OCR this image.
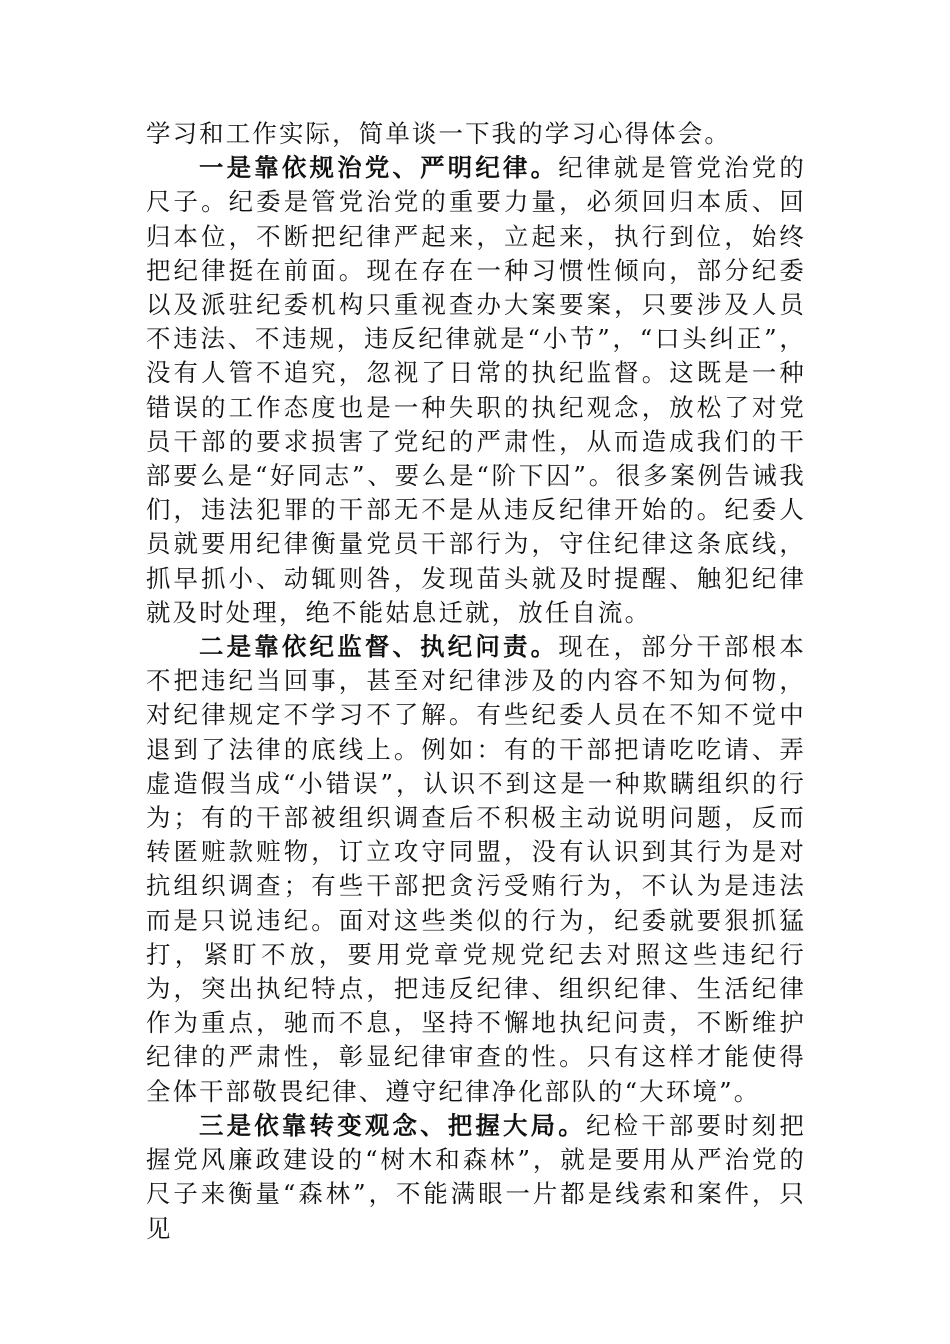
学习和工作实际，简单谈一下我的学习心得体会。

一是靠依规治党、严明纪律。纪律就是管党治党的尺子。纪委是管党治党的重要力量，必须回归本质、回归本位，不断把纪律严起来，立起来，执行到位，始终把纪律挺在前面。现在存在一种习惯性倾向，部分纪委以及派驻纪委机构只重视查办大案要案，只要涉及人员不违法、不违规，违反纪律就是“小节”，“口头纠正”，没有人管不追究，忽视了日常的执纪监督。这既是一种错误的工作态度也是一种失职的执纪观念，放松了对党员干部的要求损害了党纪的严肃性，从而造成我们的干部要么是“好同志”、要么是“阶下囚”。很多案例告诫我们，违法犯罪的干部无不是从违反纪律开始的。纪委人员就要用纪律衡量党员干部行为，守住纪律这条底线，抓早抓小、动辄则咎，发现苗头就及时提醒、触犯纪律就及时处理，绝不能姑息迁就，放任自流。

二是靠依纪监督、执纪问责。现在，部分干部根本不把违纪当回事，甚至对纪律涉及的内容不知为何物，对纪律规定不学习不了解。有些纪委人员在不知不觉中退到了法律的底线上。例如：有的干部把请吃吃请、弄虚造假当成“小错误”，认识不到这是一种欺瞒组织的行为；有的干部被组织调查后不积极主动说明问题，反而转匿赃款赃物，订立攻守同盟，没有认识到其行为是对抗组织调查；有些干部把贪污受贿行为，不认为是违法而是只说违纪。面对这些类似的行为，纪委就要狠抓猛打，紧盯不放，要用党章党规党纪去对照这些违纪行为，突出执纪特点，把违反纪律、组织纪律、生活纪律作为重点，驰而不息，坚持不懈地执纪问责，不断维护纪律的严肃性，彰显纪律审查的性。只有这样才能使得全体干部敬畏纪律、遵守纪律净化部队的“大环境”。

三是依靠转变观念、把握大局。纪检干部要时刻把握党风廉政建设的“树木和森林”，就是要用从严治党的尺子来衡量“森林”，不能满眼一片都是线索和案件，只见
